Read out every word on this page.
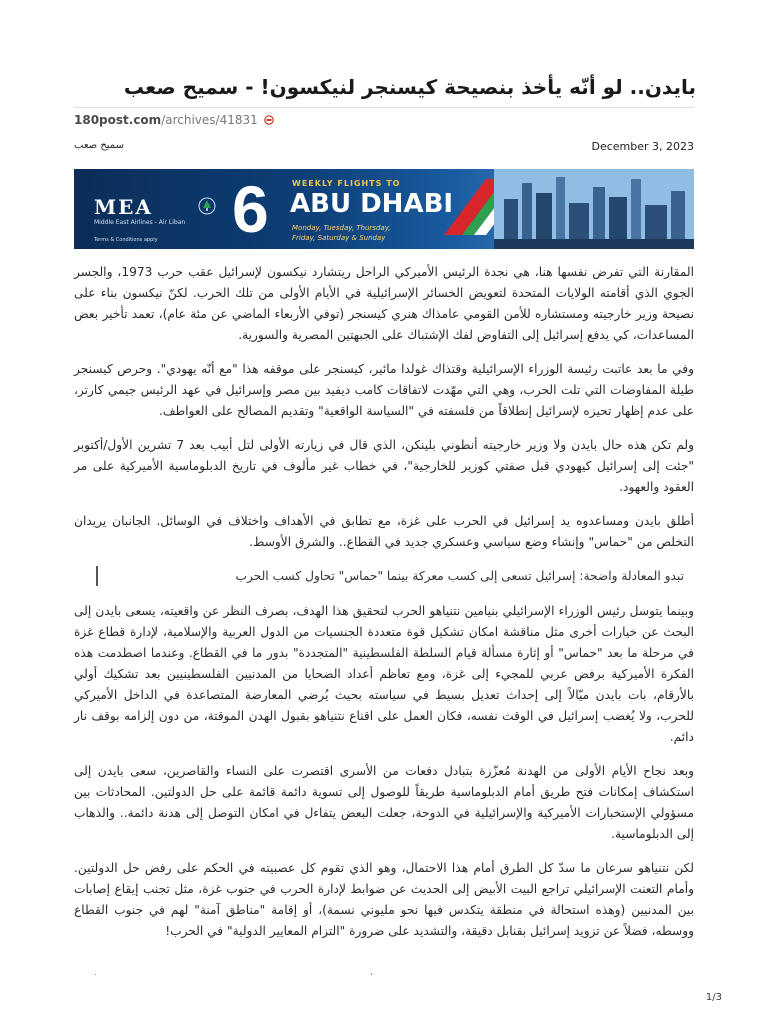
بايدن.. لو أنّه يأخذ بنصيحة كيسنجر لنيكسون! - سميح صعب
180post.com/archives/41831
سميح صعب	December 3, 2023
MEA
Middle East Airlines - Air Liban
Terms & Conditions apply 6	WEEKLY FLIGHTS TO
ABU DHABI
Monday, Tuesday, Thursday, Friday, Saturday & Sunday

المقارنة التي تفرض نفسها هنا، هي نجدة الرئيس الأميركي الراحل ريتشارد نيكسون لإسرائيل عقب حرب 1973، والجسر الجوي الذي أقامته الولايات المتحدة لتعويض الخسائر الإسرائيلية في الأيام الأولى من تلك الحرب. لكنّ نيكسون بناء على نصيحة وزير خارجيته ومستشاره للأمن القومي عامذاك هنري كيسنجر (توفي الأربعاء الماضي عن مئة عام)، تعمد تأخير بعض المساعدات، كي يدفع إسرائيل إلى التفاوض لفك الإشتباك على الجبهتين المصرية والسورية.

وفي ما بعد عاتبت رئيسة الوزراء الإسرائيلية وقتذاك غولدا مائير، كيسنجر على موقفه هذا "مع أنّه يهودي". وحرص كيسنجر طيلة المفاوضات التي تلت الحرب، وهي التي مهّدت لاتفاقات كامب ديفيد بين مصر وإسرائيل في عهد الرئيس جيمي كارتر، على عدم إظهار تحيزه لإسرائيل إنطلاقاً من فلسفته في "السياسة الواقعية" وتقديم المصالح على العواطف.

ولم تكن هذه حال بايدن ولا وزير خارجيته أنطوني بلينكن، الذي قال في زيارته الأولى لتل أبيب بعد 7 تشرين الأول/أكتوبر "جئت إلى إسرائيل كيهودي قبل صفتي كوزير للخارجية"، في خطاب غير مألوف في تاريخ الدبلوماسية الأميركية على مر العقود والعهود.

أطلق بايدن ومساعدوه يد إسرائيل في الحرب على غزة، مع تطابق في الأهداف واختلاف في الوسائل. الجانبان يريدان التخلص من "حماس" وإنشاء وضع سياسي وعسكري جديد في القطاع.. والشرق الأوسط.

تبدو المعادلة واضحة: إسرائيل تسعى إلى كسب معركة بينما "حماس" تحاول كسب الحرب

وبينما يتوسل رئيس الوزراء الإسرائيلي بنيامين نتنياهو الحرب لتحقيق هذا الهدف، بصرف النظر عن واقعيته، يسعى بايدن إلى البحث عن خيارات أخرى مثل مناقشة امكان تشكيل قوة متعددة الجنسيات من الدول العربية والإسلامية، لإدارة قطاع غزة في مرحلة ما بعد "حماس" أو إثارة مسألة قيام السلطة الفلسطينية "المتجددة" بدور ما في القطاع. وعندما اصطدمت هذه الفكرة الأميركية برفض عربي للمجيء إلى غزة، ومع تعاظم أعداد الضحايا من المدنيين الفلسطينيين بعد تشكيك أولي بالأرقام، بات بايدن ميّالاً إلى إحداث تعديل بسيط في سياسته بحيث يُرضي المعارضة المتصاعدة في الداخل الأميركي للحرب، ولا يُغضب إسرائيل في الوقت نفسه، فكان العمل على اقناع نتنياهو بقبول الهدن الموقتة، من دون إلزامه بوقف نار دائم.

وبعد نجاح الأيام الأولى من الهدنة مُعزّزة بتبادل دفعات من الأسرى اقتصرت على النساء والقاصرين، سعى بايدن إلى استكشاف إمكانات فتح طريق أمام الدبلوماسية طريقاً للوصول إلى تسوية دائمة قائمة على حل الدولتين. المحادثات بين مسؤولي الإستخبارات الأميركية والإسرائيلية في الدوحة، جعلت البعض يتفاءل في امكان التوصل إلى هدنة دائمة.. والذهاب إلى الدبلوماسية.

لكن نتنياهو سرعان ما سدّ كل الطرق أمام هذا الاحتمال، وهو الذي تقوم كل عصبيته في الحكم على رفض حل الدولتين. وأمام التعنت الإسرائيلي تراجع البيت الأبيض إلى الحديث عن ضوابط لإدارة الحرب في جنوب غزة، مثل تجنب إيقاع إصابات بين المدنيين (وهذه استحالة في منطقة يتكدس فيها نحو مليوني نسمة)، أو إقامة "مناطق آمنة" لهم في جنوب القطاع ووسطه، فضلاً عن تزويد إسرائيل بقنابل دقيقة، والتشديد على ضرورة "التزام المعايير الدولية" في الحرب!

.	،
1/3
